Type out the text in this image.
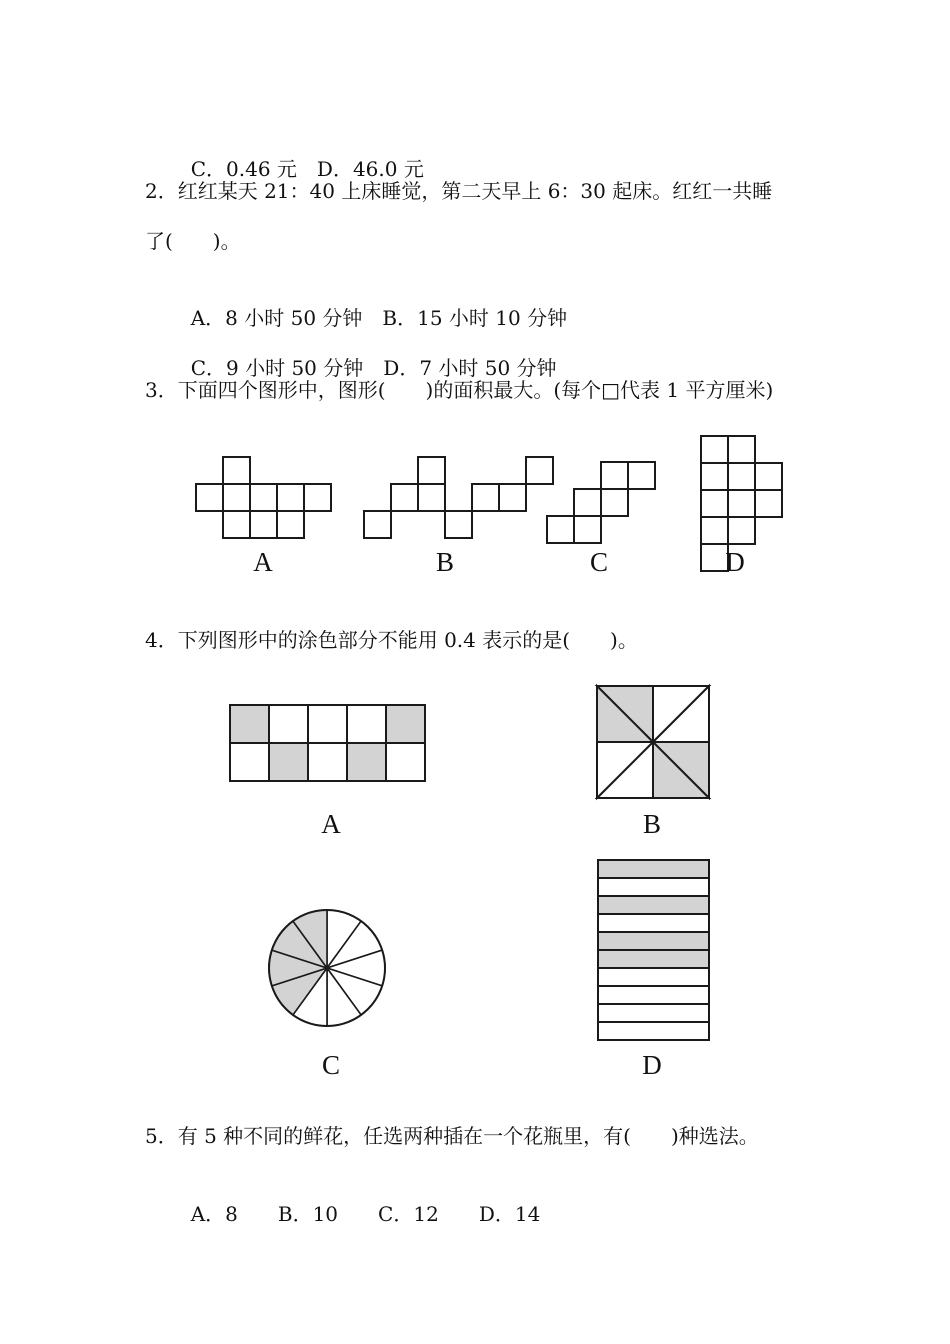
C．0.46 元　 D．46.0 元

2．红红某天 21：40 上床睡觉，第二天早上 6：30 起床。红红一共睡
了(　　)。

A．8 小时 50 分钟　 B．15 小时 10 分钟

C．9 小时 50 分钟　 D．7 小时 50 分钟

3．下面四个图形中，图形(　　)的面积最大。(每个□代表 1 平方厘米)
A	B	C	D
4．下列图形中的涂色部分不能用 0.4 表示的是(　　)。
A	B
C	D
5．有 5 种不同的鲜花，任选两种插在一个花瓶里，有(　　)种选法。

A．8　　 B．10　　 C．12　　 D．14
